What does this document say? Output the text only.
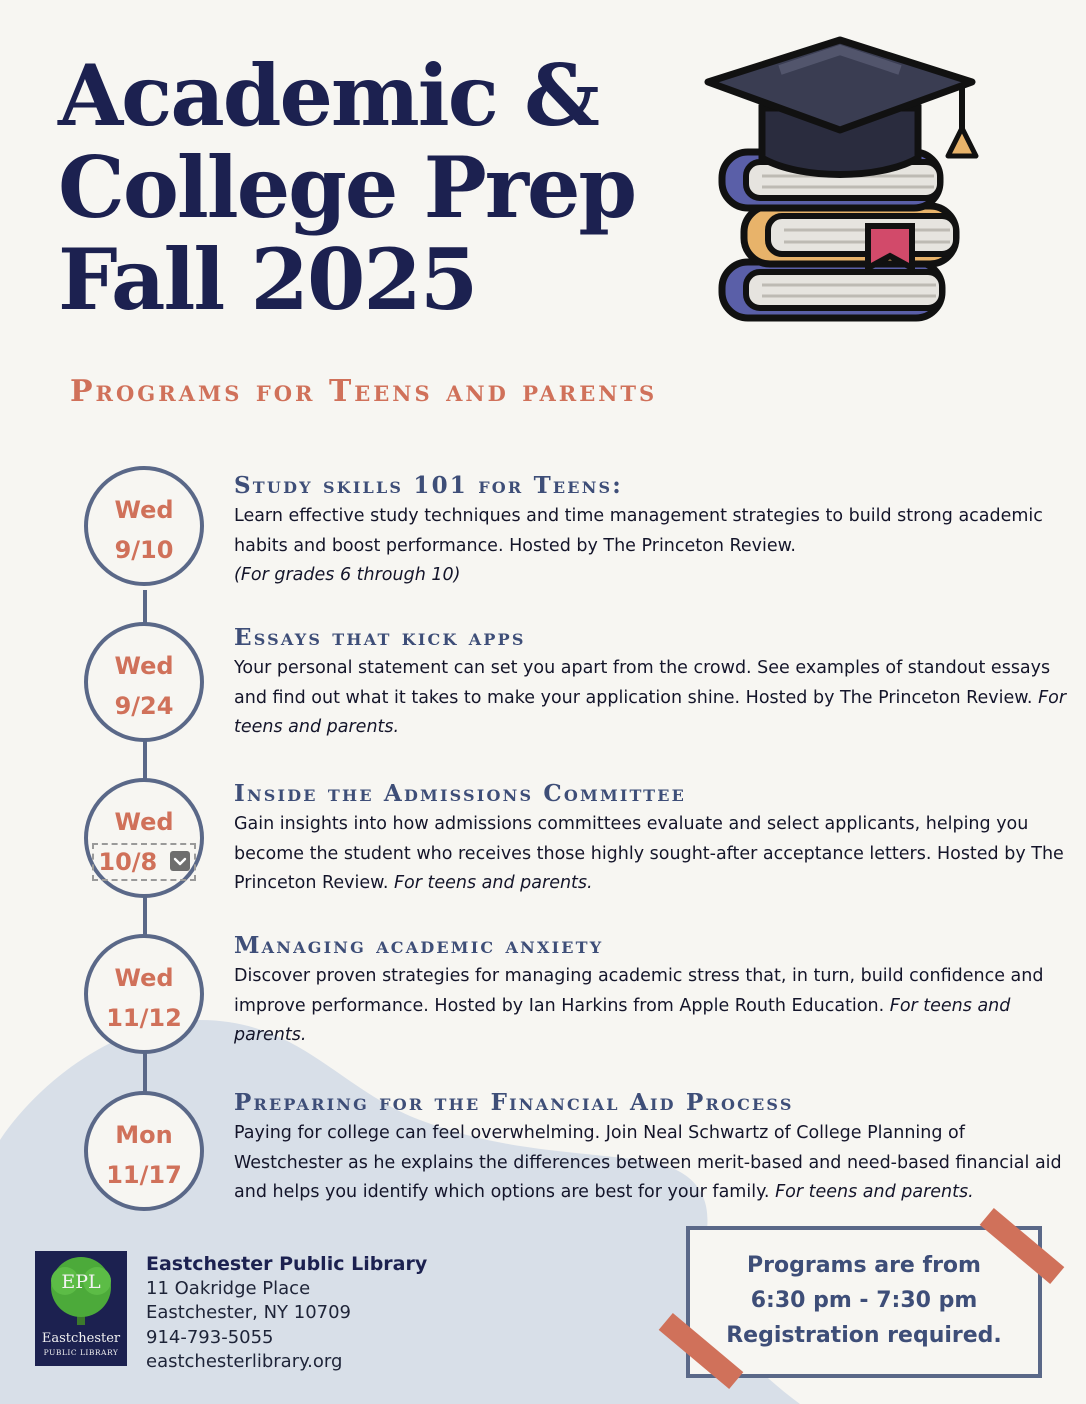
Academic &
College Prep
Fall 2025
Programs for Teens and parents
Wed
9/10
Wed
9/24
Wed
10/8
Wed
11/12
Mon
11/17
Study skills 101 for Teens:

Learn effective study techniques and time management strategies to build strong academic habits and boost performance. Hosted by The Princeton Review.
(For grades 6 through 10)

Essays that kick apps

Your personal statement can set you apart from the crowd. See examples of standout essays and find out what it takes to make your application shine. Hosted by The Princeton Review. For teens and parents.

Inside the Admissions Committee

Gain insights into how admissions committees evaluate and select applicants, helping you become the student who receives those highly sought-after acceptance letters. Hosted by The Princeton Review. For teens and parents.

Managing academic anxiety

Discover proven strategies for managing academic stress that, in turn, build confidence and improve performance. Hosted by Ian Harkins from Apple Routh Education. For teens and parents.

Preparing for the Financial Aid Process

Paying for college can feel overwhelming. Join Neal Schwartz of College Planning of Westchester as he explains the differences between merit-based and need-based financial aid and helps you identify which options are best for your family. For teens and parents.

EPL
Eastchester
PUBLIC LIBRARY
Eastchester Public Library
11 Oakridge Place
Eastchester, NY 10709
914-793-5055
eastchesterlibrary.org
Programs are from
6:30 pm - 7:30 pm
Registration required.
